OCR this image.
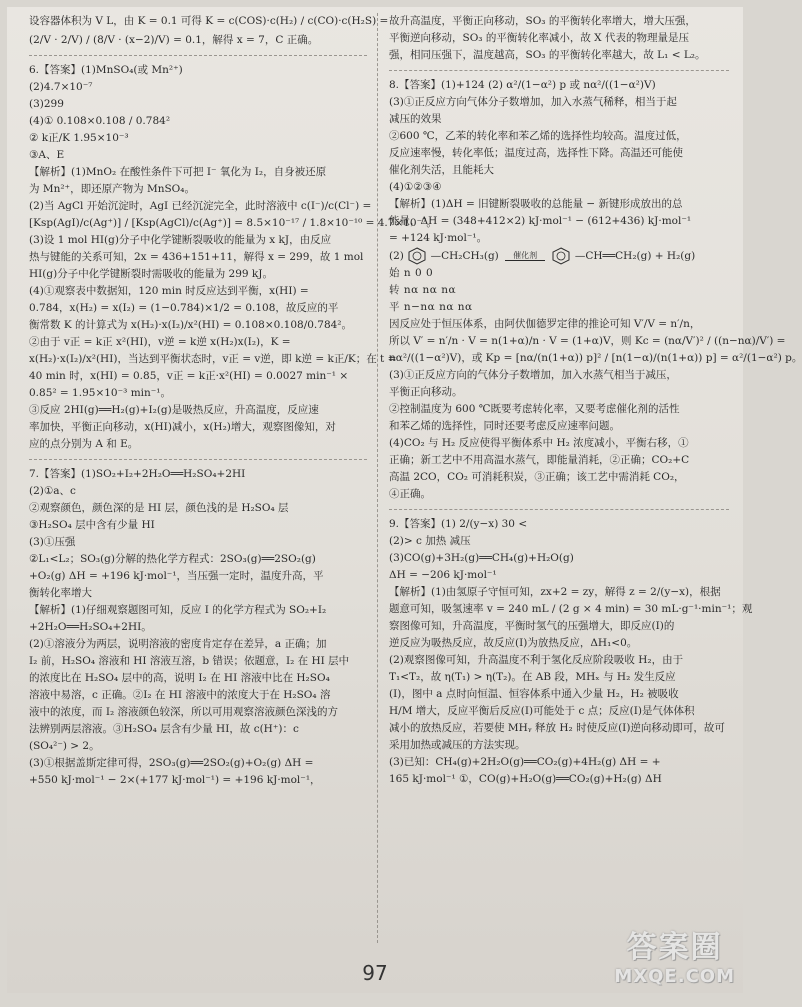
设容器体积为 V L，由 K = 0.1 可得 K = c(COS)·c(H₂) / c(CO)·c(H₂S) =
(2/V · 2/V) / (8/V · (x−2)/V) = 0.1，解得 x = 7，C 正确。
6.【答案】(1)MnSO₄(或 Mn²⁺)
(2)4.7×10⁻⁷
(3)299
(4)① 0.108×0.108 / 0.784²
② k正/K 1.95×10⁻³
③A、E
【解析】(1)MnO₂ 在酸性条件下可把 I⁻ 氧化为 I₂，自身被还原
为 Mn²⁺，即还原产物为 MnSO₄。
(2)当 AgCl 开始沉淀时，AgI 已经沉淀完全，此时溶液中 c(I⁻)/c(Cl⁻) =
[Ksp(AgI)/c(Ag⁺)] / [Ksp(AgCl)/c(Ag⁺)] = 8.5×10⁻¹⁷ / 1.8×10⁻¹⁰ = 4.7×10⁻⁷。
(3)设 1 mol HI(g)分子中化学键断裂吸收的能量为 x kJ，由反应
热与键能的关系可知，2x = 436+151+11，解得 x = 299，故 1 mol
HI(g)分子中化学键断裂时需吸收的能量为 299 kJ。
(4)①观察表中数据知，120 min 时反应达到平衡，x(HI) =
0.784，x(H₂) = x(I₂) = (1−0.784)×1/2 = 0.108，故反应的平
衡常数 K 的计算式为 x(H₂)·x(I₂)/x²(HI) = 0.108×0.108/0.784²。
②由于 v正 = k正 x²(HI)，v逆 = k逆 x(H₂)x(I₂)，K =
x(H₂)·x(I₂)/x²(HI)，当达到平衡状态时，v正 = v逆，即 k逆 = k正/K；在 t =
40 min 时，x(HI) = 0.85，v正 = k正·x²(HI) = 0.0027 min⁻¹ ×
0.85² = 1.95×10⁻³ min⁻¹。
③反应 2HI(g)══H₂(g)+I₂(g)是吸热反应，升高温度，反应速
率加快，平衡正向移动，x(HI)减小，x(H₂)增大，观察图像知，对
应的点分别为 A 和 E。
7.【答案】(1)SO₂+I₂+2H₂O══H₂SO₄+2HI
(2)①a、c
②观察颜色，颜色深的是 HI 层，颜色浅的是 H₂SO₄ 层
③H₂SO₄ 层中含有少量 HI
(3)①压强
②L₁<L₂；SO₃(g)分解的热化学方程式：2SO₃(g)══2SO₂(g)
+O₂(g) ΔH = +196 kJ·mol⁻¹，当压强一定时，温度升高，平
衡转化率增大
【解析】(1)仔细观察题图可知，反应 I 的化学方程式为 SO₂+I₂
+2H₂O══H₂SO₄+2HI。
(2)①溶液分为两层，说明溶液的密度肯定存在差异，a 正确；加
I₂ 前，H₂SO₄ 溶液和 HI 溶液互溶，b 错误；依题意，I₂ 在 HI 层中
的浓度比在 H₂SO₄ 层中的高，说明 I₂ 在 HI 溶液中比在 H₂SO₄
溶液中易溶，c 正确。②I₂ 在 HI 溶液中的浓度大于在 H₂SO₄ 溶
液中的浓度，而 I₂ 溶液颜色较深，所以可用观察溶液颜色深浅的方
法辨别两层溶液。③H₂SO₄ 层含有少量 HI，故 c(H⁺)：c
(SO₄²⁻) > 2。
(3)①根据盖斯定律可得，2SO₃(g)══2SO₂(g)+O₂(g) ΔH =
+550 kJ·mol⁻¹ − 2×(+177 kJ·mol⁻¹) = +196 kJ·mol⁻¹，
故升高温度，平衡正向移动，SO₃ 的平衡转化率增大，增大压强，
平衡逆向移动，SO₃ 的平衡转化率减小，故 X 代表的物理量是压
强，相同压强下，温度越高，SO₃ 的平衡转化率越大，故 L₁ < L₂。
8.【答案】(1)+124 (2) α²/(1−α²) p 或 nα²/((1−α²)V)
(3)①正反应方向气体分子数增加，加入水蒸气稀释，相当于起
减压的效果
②600 ℃，乙苯的转化率和苯乙烯的选择性均较高。温度过低，
反应速率慢，转化率低；温度过高，选择性下降。高温还可能使
催化剂失活，且能耗大
(4)①②③④
【解析】(1)ΔH = 旧键断裂吸收的总能量 − 新键形成放出的总
能量，ΔH = (348+412×2) kJ·mol⁻¹ − (612+436) kJ·mol⁻¹
= +124 kJ·mol⁻¹。
(2)	—CH₂CH₃(g)	催化剂	—CH══CH₂(g) + H₂(g)
始 n 0 0
转 nα nα nα
平 n−nα nα nα
因反应处于恒压体系，由阿伏伽德罗定律的推论可知 V′/V = n′/n，
所以 V′ = n′/n · V = n(1+α)/n · V = (1+α)V，则 Kc = (nα/V′)² / ((n−nα)/V′) =
nα²/((1−α²)V)，或 Kp = [nα/(n(1+α)) p]² / [n(1−α)/(n(1+α)) p] = α²/(1−α²) p。
(3)①正反应方向的气体分子数增加，加入水蒸气相当于减压，
平衡正向移动。
②控制温度为 600 ℃既要考虑转化率，又要考虑催化剂的活性
和苯乙烯的选择性，同时还要考虑反应速率问题。
(4)CO₂ 与 H₂ 反应使得平衡体系中 H₂ 浓度减小，平衡右移，①
正确；新工艺中不用高温水蒸气，即能量消耗，②正确；CO₂+C
高温 2CO，CO₂ 可消耗积炭，③正确；该工艺中需消耗 CO₂，
④正确。
9.【答案】(1) 2/(y−x) 30 <
(2)> c 加热 减压
(3)CO(g)+3H₂(g)══CH₄(g)+H₂O(g)
ΔH = −206 kJ·mol⁻¹
【解析】(1)由氢原子守恒可知，zx+2 = zy，解得 z = 2/(y−x)，根据
题意可知，吸氢速率 v = 240 mL / (2 g × 4 min) = 30 mL·g⁻¹·min⁻¹；观
察图像可知，升高温度，平衡时氢气的压强增大，即反应(I)的
逆反应为吸热反应，故反应(I)为放热反应，ΔH₁<0。
(2)观察图像可知，升高温度不利于氢化反应阶段吸收 H₂，由于
T₁<T₂，故 η(T₁) > η(T₂)。在 AB 段，MHₓ 与 H₂ 发生反应
(I)，图中 a 点时向恒温、恒容体系中通入少量 H₂，H₂ 被吸收
H/M 增大，反应平衡后反应(I)可能处于 c 点；反应(I)是气体体积
减小的放热反应，若要使 MHᵧ 释放 H₂ 时使反应(I)逆向移动即可，故可
采用加热或减压的方法实现。
(3)已知：CH₄(g)+2H₂O(g)══CO₂(g)+4H₂(g) ΔH = +
165 kJ·mol⁻¹ ①，CO(g)+H₂O(g)══CO₂(g)+H₂(g) ΔH
97
答案圈
MXQE.COM
